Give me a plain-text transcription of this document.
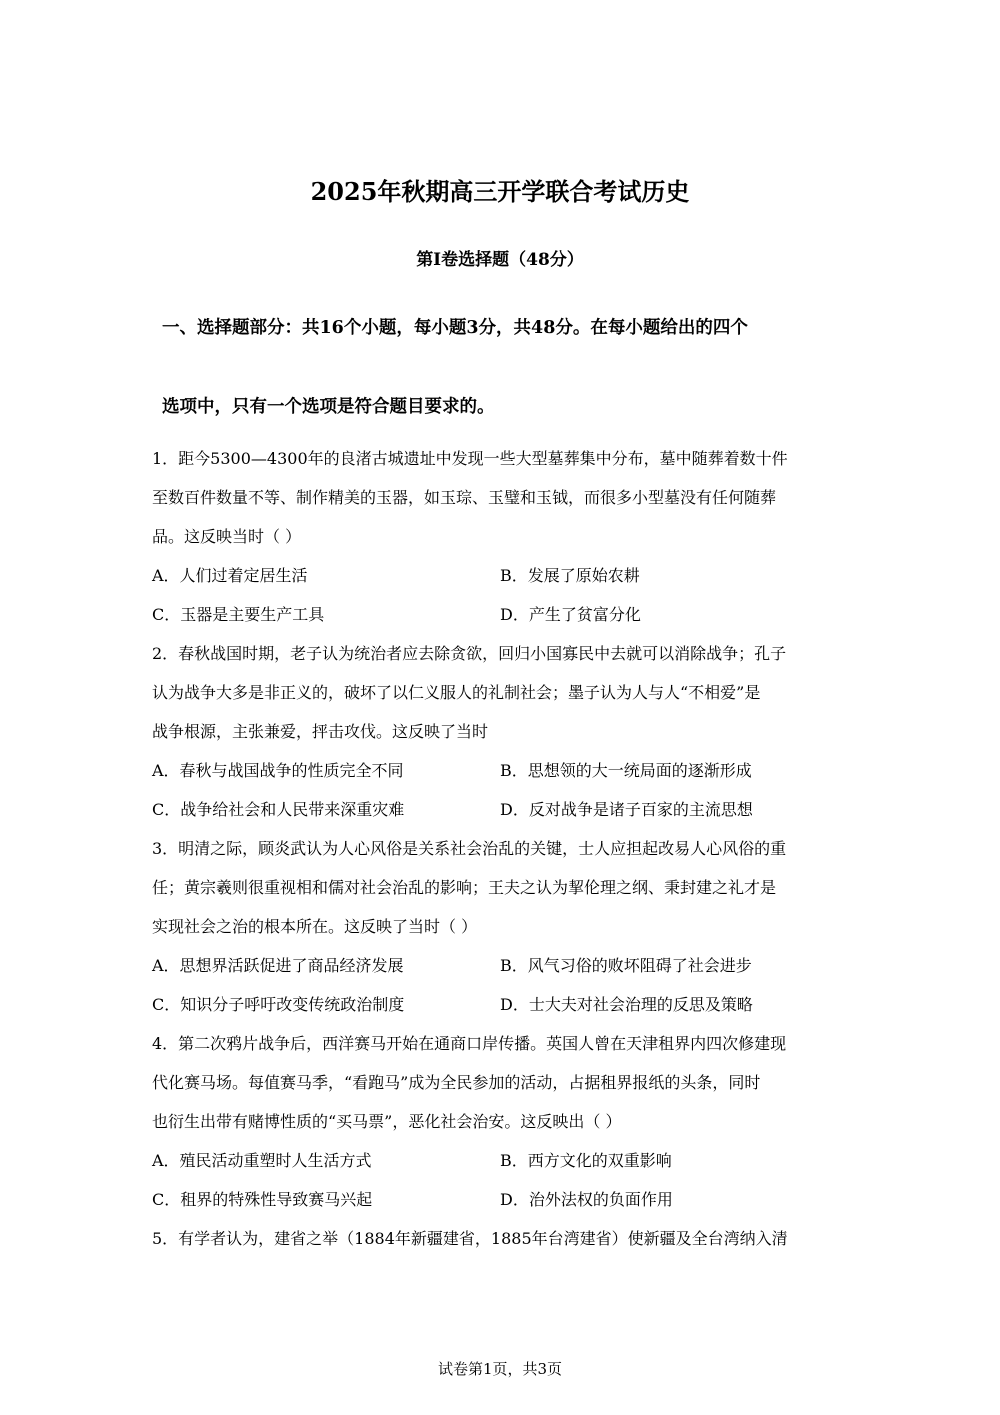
2025年秋期高三开学联合考试历史
第I卷选择题（48分）
一、选择题部分：共16个小题，每小题3分，共48分。在每小题给出的四个
选项中，只有一个选项是符合题目要求的。
1．距今5300—4300年的良渚古城遗址中发现一些大型墓葬集中分布，墓中随葬着数十件
至数百件数量不等、制作精美的玉器，如玉琮、玉璧和玉钺，而很多小型墓没有任何随葬
品。这反映当时（ ）
A．人们过着定居生活	B．发展了原始农耕
C．玉器是主要生产工具	D．产生了贫富分化
2．春秋战国时期，老子认为统治者应去除贪欲，回归小国寡民中去就可以消除战争；孔子
认为战争大多是非正义的，破坏了以仁义服人的礼制社会；墨子认为人与人“不相爱”是
战争根源，主张兼爱，抨击攻伐。这反映了当时
A．春秋与战国战争的性质完全不同	B．思想领的大一统局面的逐渐形成
C．战争给社会和人民带来深重灾难	D．反对战争是诸子百家的主流思想
3．明清之际，顾炎武认为人心风俗是关系社会治乱的关键，士人应担起改易人心风俗的重
任；黄宗羲则很重视相和儒对社会治乱的影响；王夫之认为挈伦理之纲、秉封建之礼才是
实现社会之治的根本所在。这反映了当时（ ）
A．思想界活跃促进了商品经济发展	B．风气习俗的败坏阻碍了社会进步
C．知识分子呼吁改变传统政治制度	D．士大夫对社会治理的反思及策略
4．第二次鸦片战争后，西洋赛马开始在通商口岸传播。英国人曾在天津租界内四次修建现
代化赛马场。每值赛马季，“看跑马”成为全民参加的活动，占据租界报纸的头条，同时
也衍生出带有赌博性质的“买马票”，恶化社会治安。这反映出（ ）
A．殖民活动重塑时人生活方式	B．西方文化的双重影响
C．租界的特殊性导致赛马兴起	D．治外法权的负面作用
5．有学者认为，建省之举（1884年新疆建省，1885年台湾建省）使新疆及全台湾纳入清
试卷第1页，共3页
